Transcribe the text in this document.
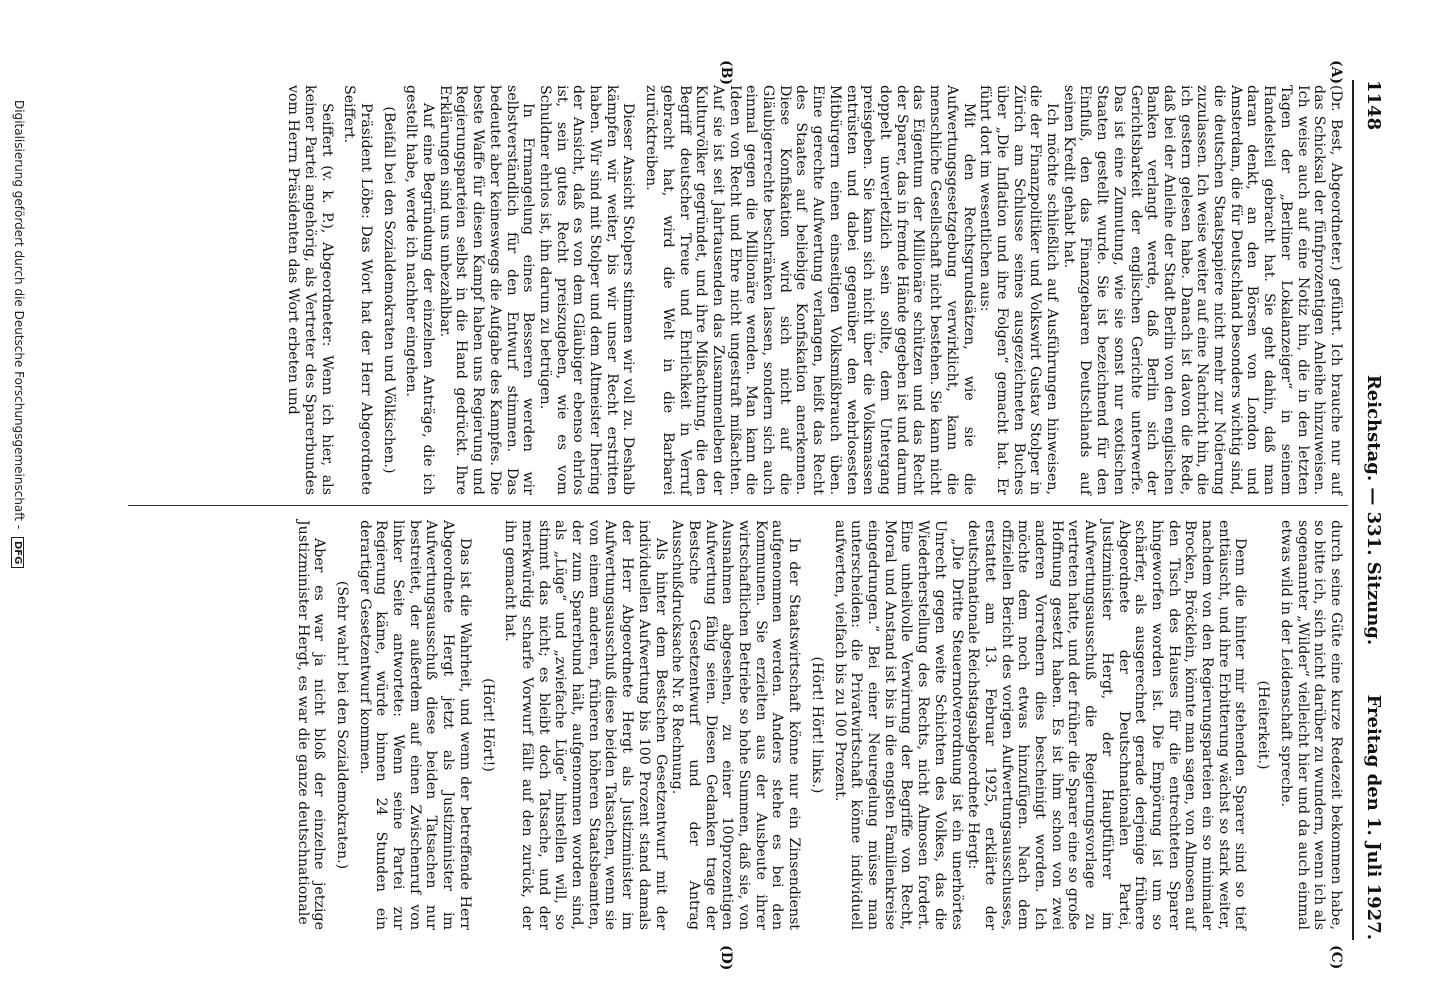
1148
Reichstag. — 331. Sitzung.
Freitag den 1. Juli 1927.
(A)
(B)
(C)
(D)

(Dr. Best, Abgeordneter.) geführt. Ich brauche nur auf das Schicksal der fünfprozentigen Anleihe hinzuweisen. Ich weise auch auf eine Notiz hin, die in den letzten Tagen der „Berliner Lokalanzeiger“ in seinem Handelsteil gebracht hat. Sie geht dahin, daß man daran denkt, an den Börsen von London und Amsterdam, die für Deutschland besonders wichtig sind, die deutschen Staatspapiere nicht mehr zur Notierung zuzulassen. Ich weise weiter auf eine Nachricht hin, die ich gestern gelesen habe. Danach ist davon die Rede, daß bei der Anleihe der Stadt Berlin von den englischen Banken verlangt werde, daß Berlin sich der Gerichtsbarkeit der englischen Gerichte unterwerfe. Das ist eine Zumutung, wie sie sonst nur exotischen Staaten gestellt wurde. Sie ist bezeichnend für den Einfluß, den das Finanzgebaren Deutschlands auf seinen Kredit gehabt hat.

Ich möchte schließlich auf Ausführungen hinweisen, die der Finanzpolitiker und Volkswirt Gustav Stolper in Zürich am Schlusse seines ausgezeichneten Buches über „Die Inflation und ihre Folgen“ gemacht hat. Er führt dort im wesentlichen aus:

Mit den Rechtsgrundsätzen, wie sie die Aufwertungsgesetzgebung verwirklicht, kann die menschliche Gesellschaft nicht bestehen. Sie kann nicht das Eigentum der Millionäre schützen und das Recht der Sparer, das in fremde Hände gegeben ist und darum doppelt unverletzlich sein sollte, dem Untergang preisgeben. Sie kann sich nicht über die Volksmassen entrüsten und dabei gegenüber den wehrlosesten Mitbürgern einen einseitigen Volksmißbrauch üben. Eine gerechte Aufwertung verlangen, heißt das Recht des Staates auf beliebige Konfiskation anerkennen. Diese Konfiskation wird sich nicht auf die Gläubigerrechte beschränken lassen, sondern sich auch einmal gegen die Millionäre wenden. Man kann die Ideen von Recht und Ehre nicht ungestraft mißachten. Auf sie ist seit Jahrtausenden das Zusammenleben der Kulturvölker gegründet, und ihre Mißachtung, die den Begriff deutscher Treue und Ehrlichkeit in Verruf gebracht hat, wird die Welt in die Barbarei zurücktreiben.

Dieser Ansicht Stolpers stimmen wir voll zu. Deshalb kämpfen wir weiter, bis wir unser Recht erstritten haben. Wir sind mit Stolper und dem Altmeister Ihering der Ansicht, daß es von dem Gläubiger ebenso ehrlos ist, sein gutes Recht preiszugeben, wie es vom Schuldner ehrlos ist, ihn darum zu betrügen.

In Ermangelung eines Besseren werden wir selbstverständlich für den Entwurf stimmen. Das bedeutet aber keineswegs die Aufgabe des Kampfes. Die beste Waffe für diesen Kampf haben uns Regierung und Regierungsparteien selbst in die Hand gedrückt. Ihre Erklärungen sind uns unbezahlbar.

Auf eine Begründung der einzelnen Anträge, die ich gestellt habe, werde ich nachher eingehen.

(Beifall bei den Sozialdemokraten und Völkischen.)

Präsident Löbe: Das Wort hat der Herr Abgeordnete Seiffert.

Seiffert (v. k. P.), Abgeordneter: Wenn ich hier, als keiner Partei angehörig, als Vertreter des Sparerbundes vom Herrn Präsidenten das Wort erbeten und

durch seine Güte eine kurze Redezeit bekommen habe, so bitte ich, sich nicht darüber zu wundern, wenn ich als sogenannter „Wilder“ vielleicht hier und da auch einmal etwas wild in der Leidenschaft spreche.

(Heiterkeit.)

Denn die hinter mir stehenden Sparer sind so tief enttäuscht, und ihre Erbitterung wächst so stark weiter, nachdem von den Regierungsparteien ein so minimaler Brocken, Bröcklein, könnte man sagen, von Almosen auf den Tisch des Hauses für die entrechteten Sparer hingeworfen worden ist. Die Empörung ist um so schärfer, als ausgerechnet gerade derjenige frühere Abgeordnete der Deutschnationalen Partei, Justizminister Hergt, der Hauptführer im Aufwertungsausschuß die Regierungsvorlage zu vertreten hatte, und der früher die Sparer eine so große Hoffnung gesetzt haben. Es ist ihm schon von zwei anderen Vorrednern dies bescheinigt worden. Ich möchte dem noch etwas hinzufügen. Nach dem offiziellen Bericht des vorigen Aufwertungsausschusses, erstattet am 13. Februar 1925, erklärte der deutschnationale Reichstagsabgeordnete Hergt:

„Die Dritte Steuernotverordnung ist ein unerhörtes Unrecht gegen weite Schichten des Volkes, das die Wiederherstellung des Rechts, nicht Almosen fordert. Eine unheilvolle Verwirrung der Begriffe von Recht, Moral und Anstand ist bis in die engsten Familienkreise eingedrungen.“ Bei einer Neuregelung müsse man unterscheiden: die Privatwirtschaft könne individuell aufwerten, vielfach bis zu 100 Prozent.

(Hört! Hört! links.)

In der Staatswirtschaft könne nur ein Zinsendienst aufgenommen werden. Anders stehe es bei den Kommunen. Sie erzielten aus der Ausbeute ihrer wirtschaftlichen Betriebe so hohe Summen, daß sie, von Ausnahmen abgesehen, zu einer 100prozentigen Aufwertung fähig seien. Diesen Gedanken trage der Bestsche Gesetzentwurf und der Antrag Ausschußdrucksache Nr. 8 Rechnung.

Als hinter dem Bestschen Gesetzentwurf mit der individuellen Aufwertung bis 100 Prozent stand damals der Herr Abgeordnete Hergt als Justizminister im Aufwertungsausschuß diese beiden Tatsachen, wenn sie von einem anderen, früheren höheren Staatsbeamten, der zum Sparerbund hält, aufgenommen worden sind, als „Lüge“ und „zwiefache Lüge“ hinstellen will, so stimmt das nicht; es bleibt doch Tatsache, und der merkwürdig scharfe Vorwurf fällt auf den zurück, der ihn gemacht hat.

(Hört! Hört!)

Das ist die Wahrheit, und wenn der betreffende Herr Abgeordnete Hergt jetzt als Justizminister im Aufwertungsausschuß diese beiden Tatsachen nur bestreitet, der außerdem auf einen Zwischenruf von linker Seite antwortete: Wenn seine Partei zur Regierung käme, würde binnen 24 Stunden ein derartiger Gesetzentwurf kommen.

(Sehr wahr! bei den Sozialdemokraten.)

Aber es war ja nicht bloß der einzelne jetzige Justizminister Hergt, es war die ganze deutschnationale

Digitalisierung gefördert durch die Deutsche Forschungsgemeinschaft - DFG
